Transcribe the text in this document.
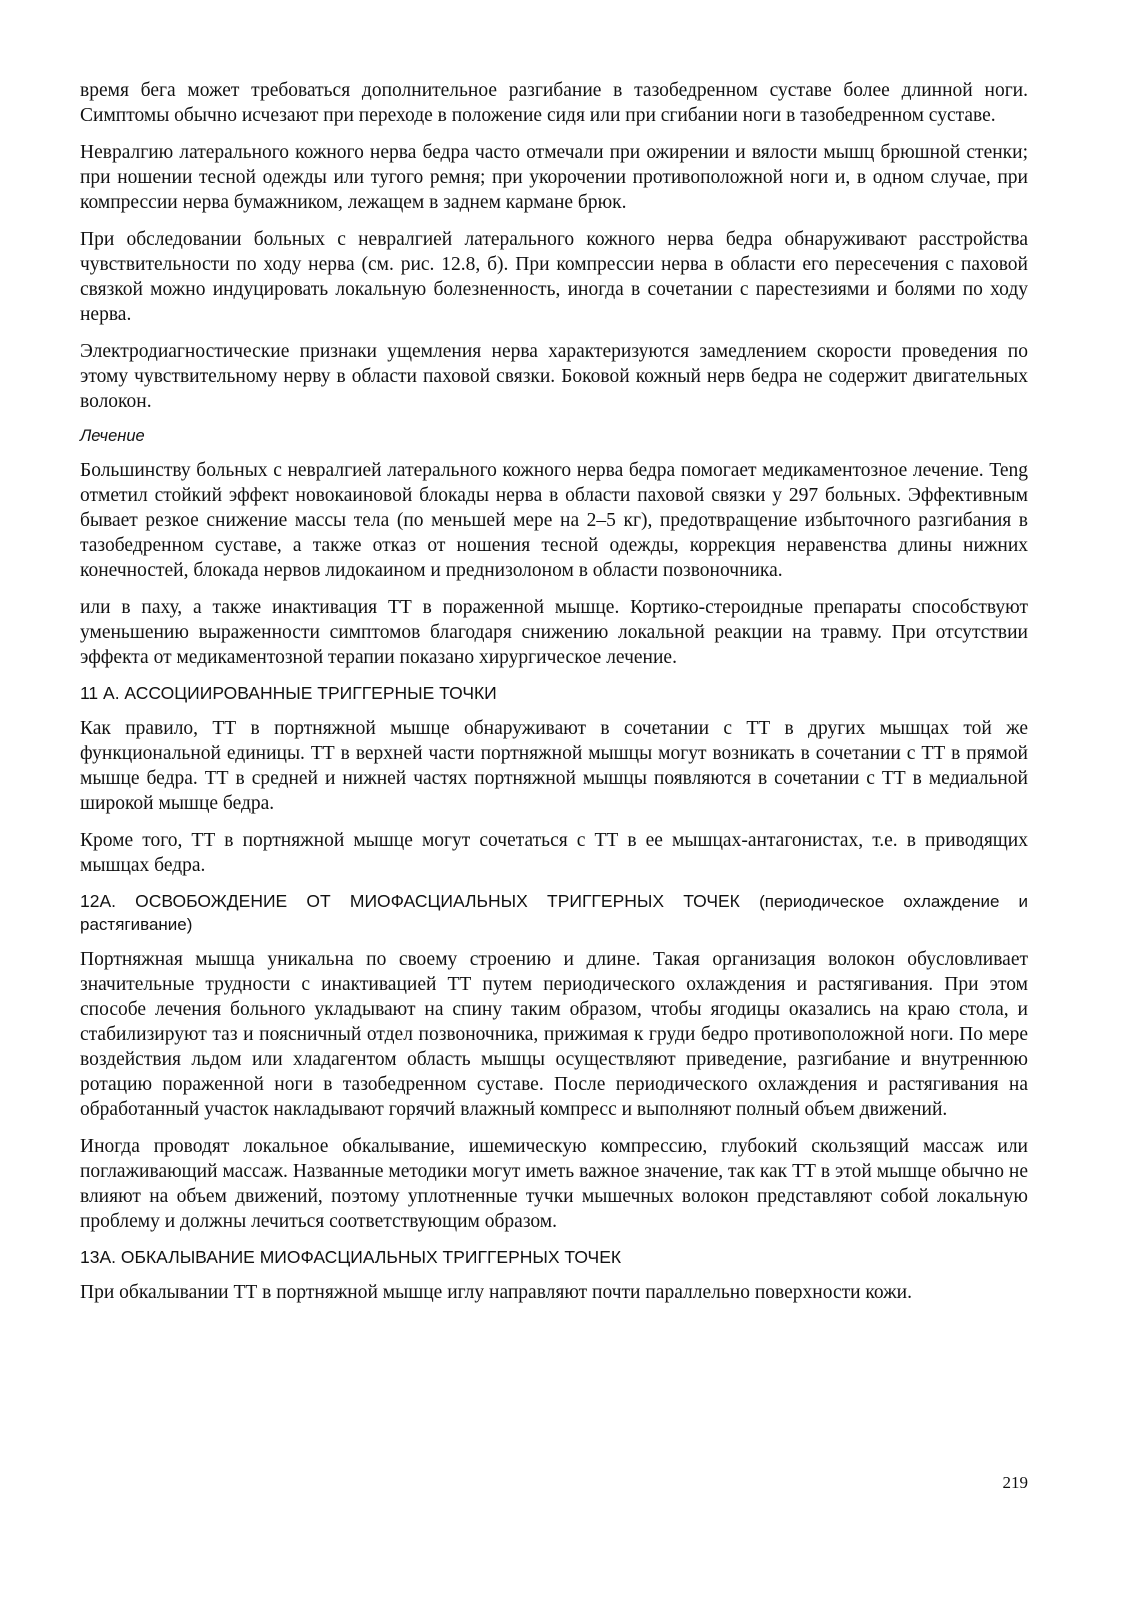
время бега может требоваться дополнительное разгибание в тазобедренном суставе более длинной ноги. Симптомы обычно исчезают при переходе в положение сидя или при сгибании ноги в тазобедренном суставе.

Невралгию латерального кожного нерва бедра часто отмечали при ожирении и вялости мышц брюшной стенки; при ношении тесной одежды или тугого ремня; при укорочении противоположной ноги и, в одном случае, при компрессии нерва бумажником, лежащем в заднем кармане брюк.

При обследовании больных с невралгией латерального кожного нерва бедра обнаруживают расстройства чувствительности по ходу нерва (см. рис. 12.8, б). При компрессии нерва в области его пересечения с паховой связкой можно индуцировать локальную болезненность, иногда в сочетании с парестезиями и болями по ходу нерва.

Электродиагностические признаки ущемления нерва характеризуются замедлением скорости проведения по этому чувствительному нерву в области паховой связки. Боковой кожный нерв бедра не содержит двигательных волокон.

Лечение

Большинству больных с невралгией латерального кожного нерва бедра помогает медикаментозное лечение. Teng отметил стойкий эффект новокаиновой блокады нерва в области паховой связки у 297 больных. Эффективным бывает резкое снижение массы тела (по меньшей мере на 2–5 кг), предотвращение избыточного разгибания в тазобедренном суставе, а также отказ от ношения тесной одежды, коррекция неравенства длины нижних конечностей, блокада нервов лидокаином и преднизолоном в области позвоночника.

или в паху, а также инактивация ТТ в пораженной мышце. Кортико-стероидные препараты способствуют уменьшению выраженности симптомов благодаря снижению локальной реакции на травму. При отсутствии эффекта от медикаментозной терапии показано хирургическое лечение.

11 А. АССОЦИИРОВАННЫЕ ТРИГГЕРНЫЕ ТОЧКИ

Как правило, ТТ в портняжной мышце обнаруживают в сочетании с ТТ в других мышцах той же функциональной единицы. ТТ в верхней части портняжной мышцы могут возникать в сочетании с ТТ в прямой мышце бедра. ТТ в средней и нижней частях портняжной мышцы появляются в сочетании с ТТ в медиальной широкой мышце бедра.

Кроме того, ТТ в портняжной мышце могут сочетаться с ТТ в ее мышцах-антагонистах, т.е. в приводящих мышцах бедра.

12А. ОСВОБОЖДЕНИЕ ОТ МИОФАСЦИАЛЬНЫХ ТРИГГЕРНЫХ ТОЧЕК (периодическое охлаждение и растягивание)

Портняжная мышца уникальна по своему строению и длине. Такая организация волокон обусловливает значительные трудности с инактивацией ТТ путем периодического охлаждения и растягивания. При этом способе лечения больного укладывают на спину таким образом, чтобы ягодицы оказались на краю стола, и стабилизируют таз и поясничный отдел позвоночника, прижимая к груди бедро противоположной ноги. По мере воздействия льдом или хладагентом область мышцы осуществляют приведение, разгибание и внутреннюю ротацию пораженной ноги в тазобедренном суставе. После периодического охлаждения и растягивания на обработанный участок накладывают горячий влажный компресс и выполняют полный объем движений.

Иногда проводят локальное обкалывание, ишемическую компрессию, глубокий скользящий массаж или поглаживающий массаж. Названные методики могут иметь важное значение, так как ТТ в этой мышце обычно не влияют на объем движений, поэтому уплотненные тучки мышечных волокон представляют собой локальную проблему и должны лечиться соответствующим образом.

13А. ОБКАЛЫВАНИЕ МИОФАСЦИАЛЬНЫХ ТРИГГЕРНЫХ ТОЧЕК

При обкалывании ТТ в портняжной мышце иглу направляют почти параллельно поверхности кожи.

219
